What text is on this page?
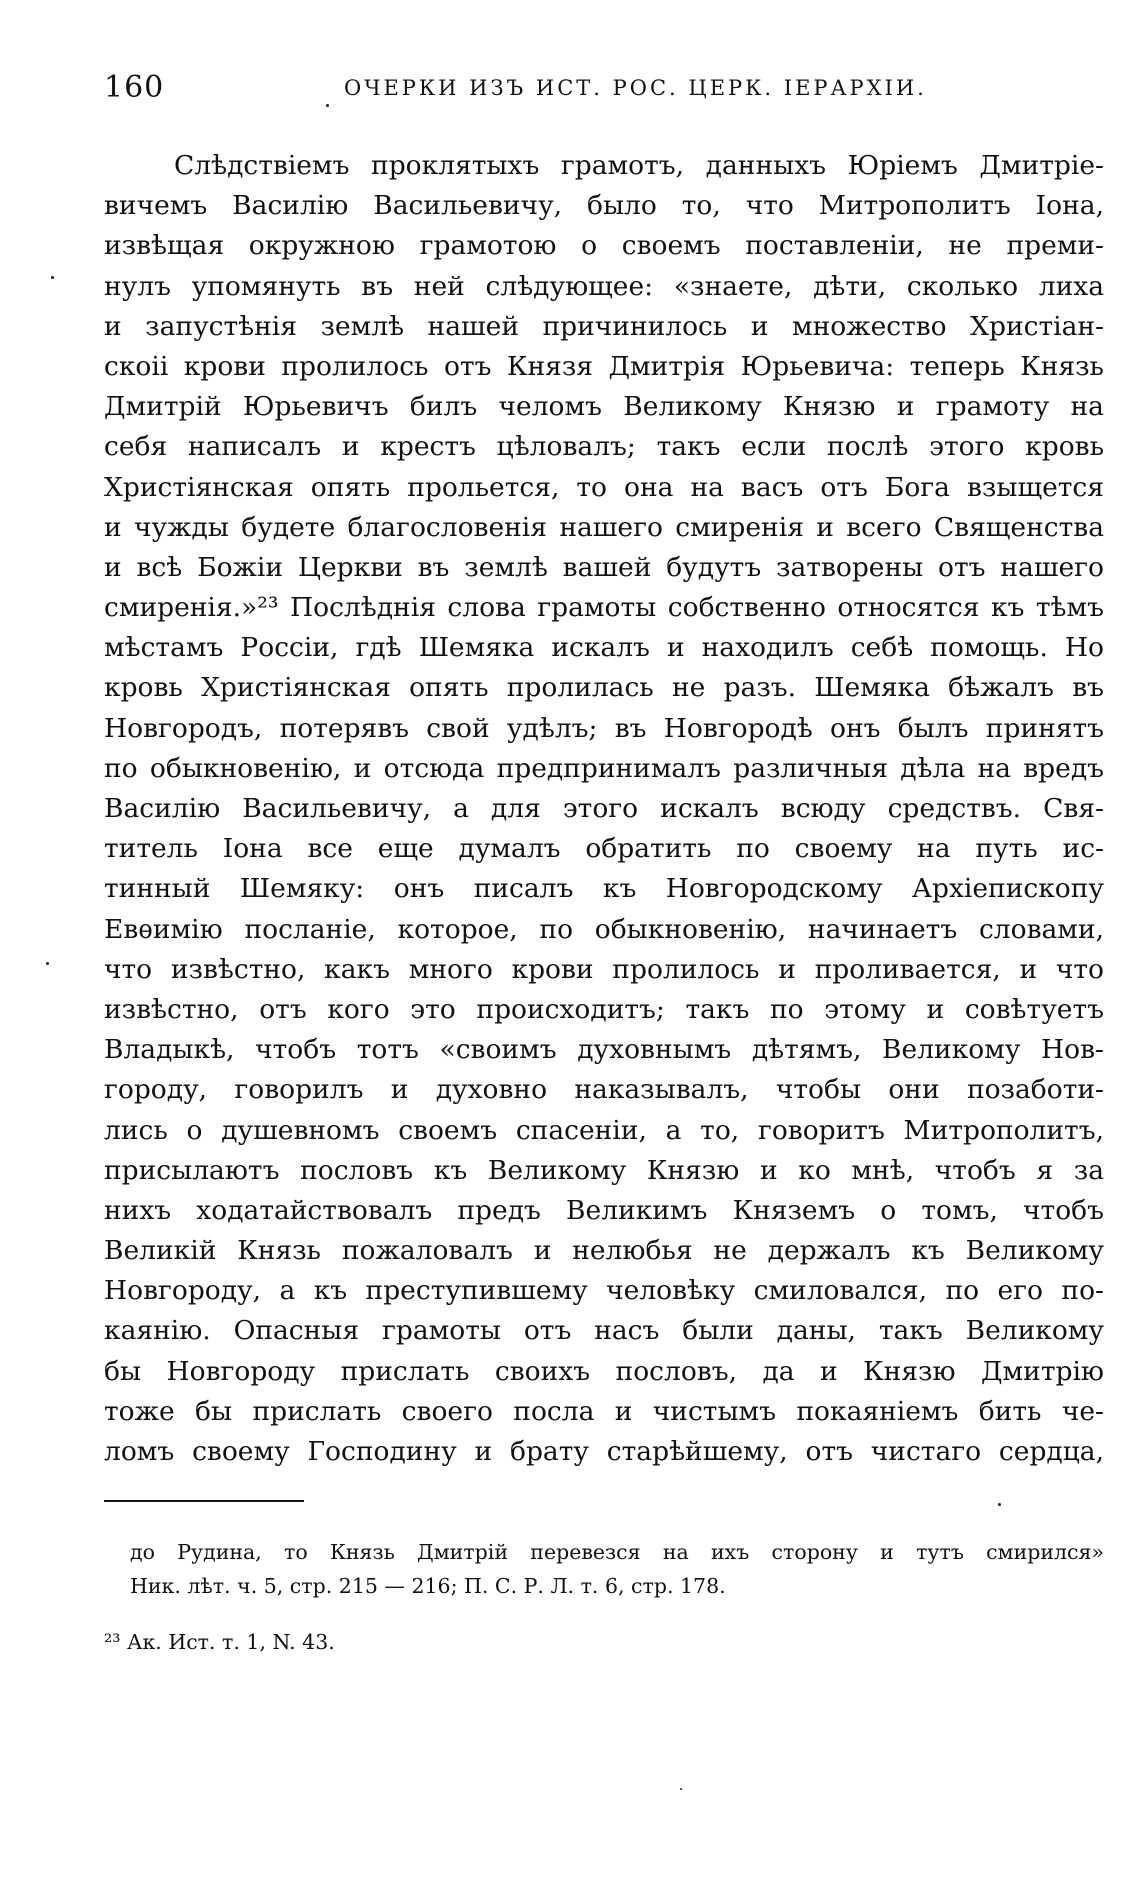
160	ОЧЕРКИ ИЗЪ ИСТ. РОС. ЦЕРК. ІЕРАРХІИ.
Слѣдствіемъ проклятыхъ грамотъ, данныхъ Юріемъ Дмитріе-
вичемъ Василію Васильевичу, было то, что Митрополитъ Іона,
извѣщая окружною грамотою о своемъ поставленіи, не преми-
нулъ упомянуть въ ней слѣдующее: «знаете, дѣти, сколько лиха
и запустѣнія землѣ нашей причинилось и множество Христіан-
скоіі крови пролилось отъ Князя Дмитрія Юрьевича: теперь Князь
Дмитрій Юрьевичъ билъ челомъ Великому Князю и грамоту на
себя написалъ и крестъ цѣловалъ; такъ если послѣ этого кровь
Христіянская опять прольется, то она на васъ отъ Бога взыщется
и чужды будете благословенія нашего смиренія и всего Священства
и всѣ Божіи Церкви въ землѣ вашей будутъ затворены отъ нашего
смиренія.»²³ Послѣднія слова грамоты собственно относятся къ тѣмъ
мѣстамъ Россіи, гдѣ Шемяка искалъ и находилъ себѣ помощь. Но
кровь Христіянская опять пролилась не разъ. Шемяка бѣжалъ въ
Новгородъ, потерявъ свой удѣлъ; въ Новгородѣ онъ былъ принятъ
по обыкновенію, и отсюда предпринималъ различныя дѣла на вредъ
Василію Васильевичу, а для этого искалъ всюду средствъ. Свя-
титель Іона все еще думалъ обратить по своему на путь ис-
тинный Шемяку: онъ писалъ къ Новгородскому Архіепископу
Евѳимію посланіе, которое, по обыкновенію, начинаетъ словами,
что извѣстно, какъ много крови пролилось и проливается, и что
извѣстно, отъ кого это происходитъ; такъ по этому и совѣтуетъ
Владыкѣ, чтобъ тотъ «своимъ духовнымъ дѣтямъ, Великому Нов-
городу, говорилъ и духовно наказывалъ, чтобы они позаботи-
лись о душевномъ своемъ спасеніи, а то, говоритъ Митрополитъ,
присылаютъ пословъ къ Великому Князю и ко мнѣ, чтобъ я за
нихъ ходатайствовалъ предъ Великимъ Княземъ о томъ, чтобъ
Великій Князь пожаловалъ и нелюбья не держалъ къ Великому
Новгороду, а къ преступившему человѣку смиловался, по его по-
каянію. Опасныя грамоты отъ насъ были даны, такъ Великому
бы Новгороду прислать своихъ пословъ, да и Князю Дмитрію
тоже бы прислать своего посла и чистымъ покаяніемъ бить че-
ломъ своему Господину и брату старѣйшему, отъ чистаго сердца,
до Рудина, то Князь Дмитрій перевезся на ихъ сторону и тутъ смирился»
Ник. лѣт. ч. 5, стр. 215 — 216; П. С. Р. Л. т. 6, стр. 178.
²³ Ак. Ист. т. 1, N. 43.
